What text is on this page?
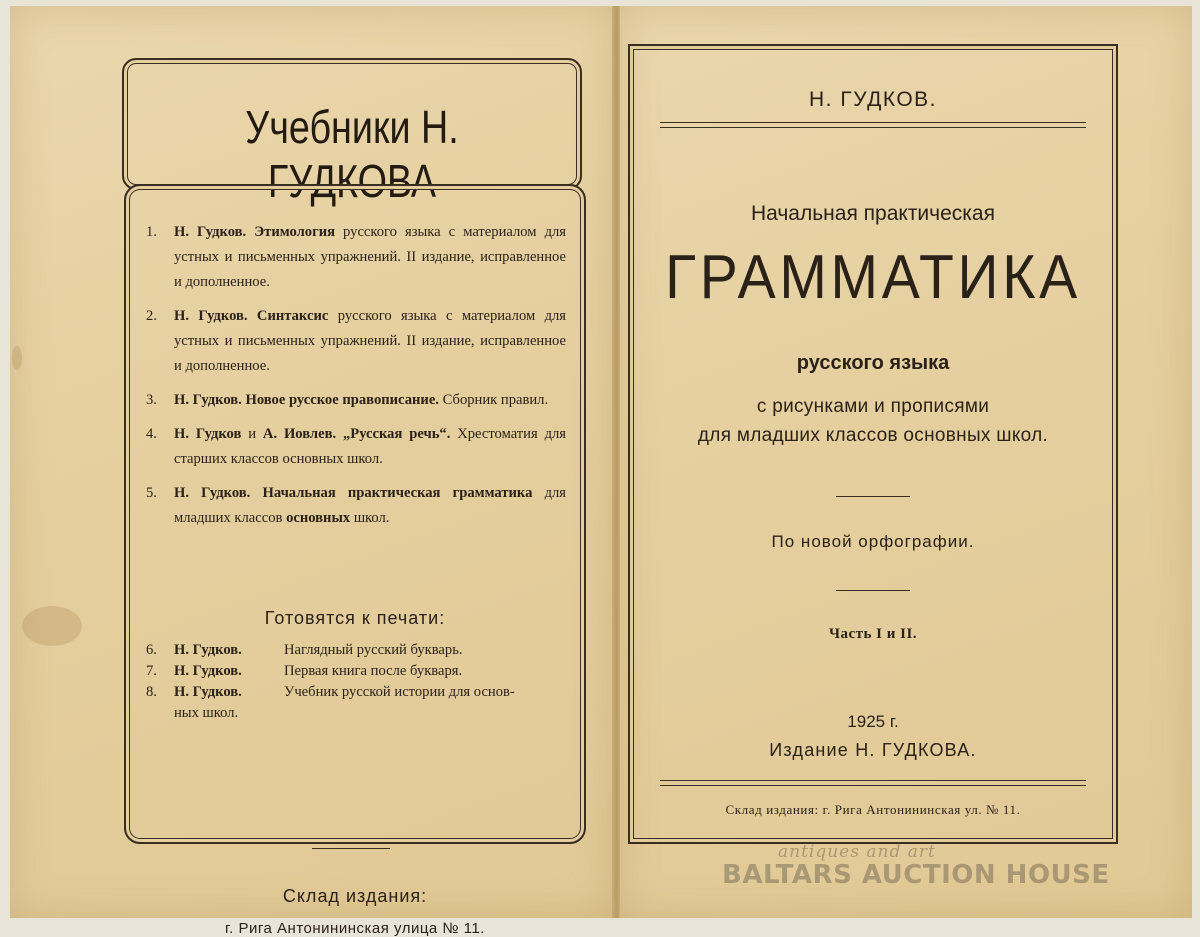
Учебники Н. ГУДКОВА
1.	Н. Гудков. Этимология русского языка с материалом для устных и письменных упражнений. II издание, исправленное и дополненное.
2.	Н. Гудков. Синтаксис русского языка с материалом для устных и письменных упражнений. II издание, исправленное и дополненное.
3.	Н. Гудков. Новое русское правописание. Сборник правил.
4.	Н. Гудков и А. Иовлев. „Русская речь“. Хрестоматия для старших классов основных школ.
5.	Н. Гудков. Начальная практическая грамматика для младших классов основных школ.
Готовятся к печати:
6.	Н. Гудков.	Наглядный русский букварь.
7.	Н. Гудков.	Первая книга после букваря.
8.	Н. Гудков.	Учебник русской истории для основ-
ных школ.
Склад издания:
г. Рига Антонининская улица № 11.
Н. ГУДКОВ.
Начальная практическая
ГРАММАТИКА
русского языка
с рисунками и прописями
для младших классов основных школ.
По новой орфографии.
Часть I и II.
1925 г.
Издание Н. ГУДКОВА.
Склад издания: г. Рига Антонининская ул. № 11.
antiques and art
BALTARS AUCTION HOUSE
